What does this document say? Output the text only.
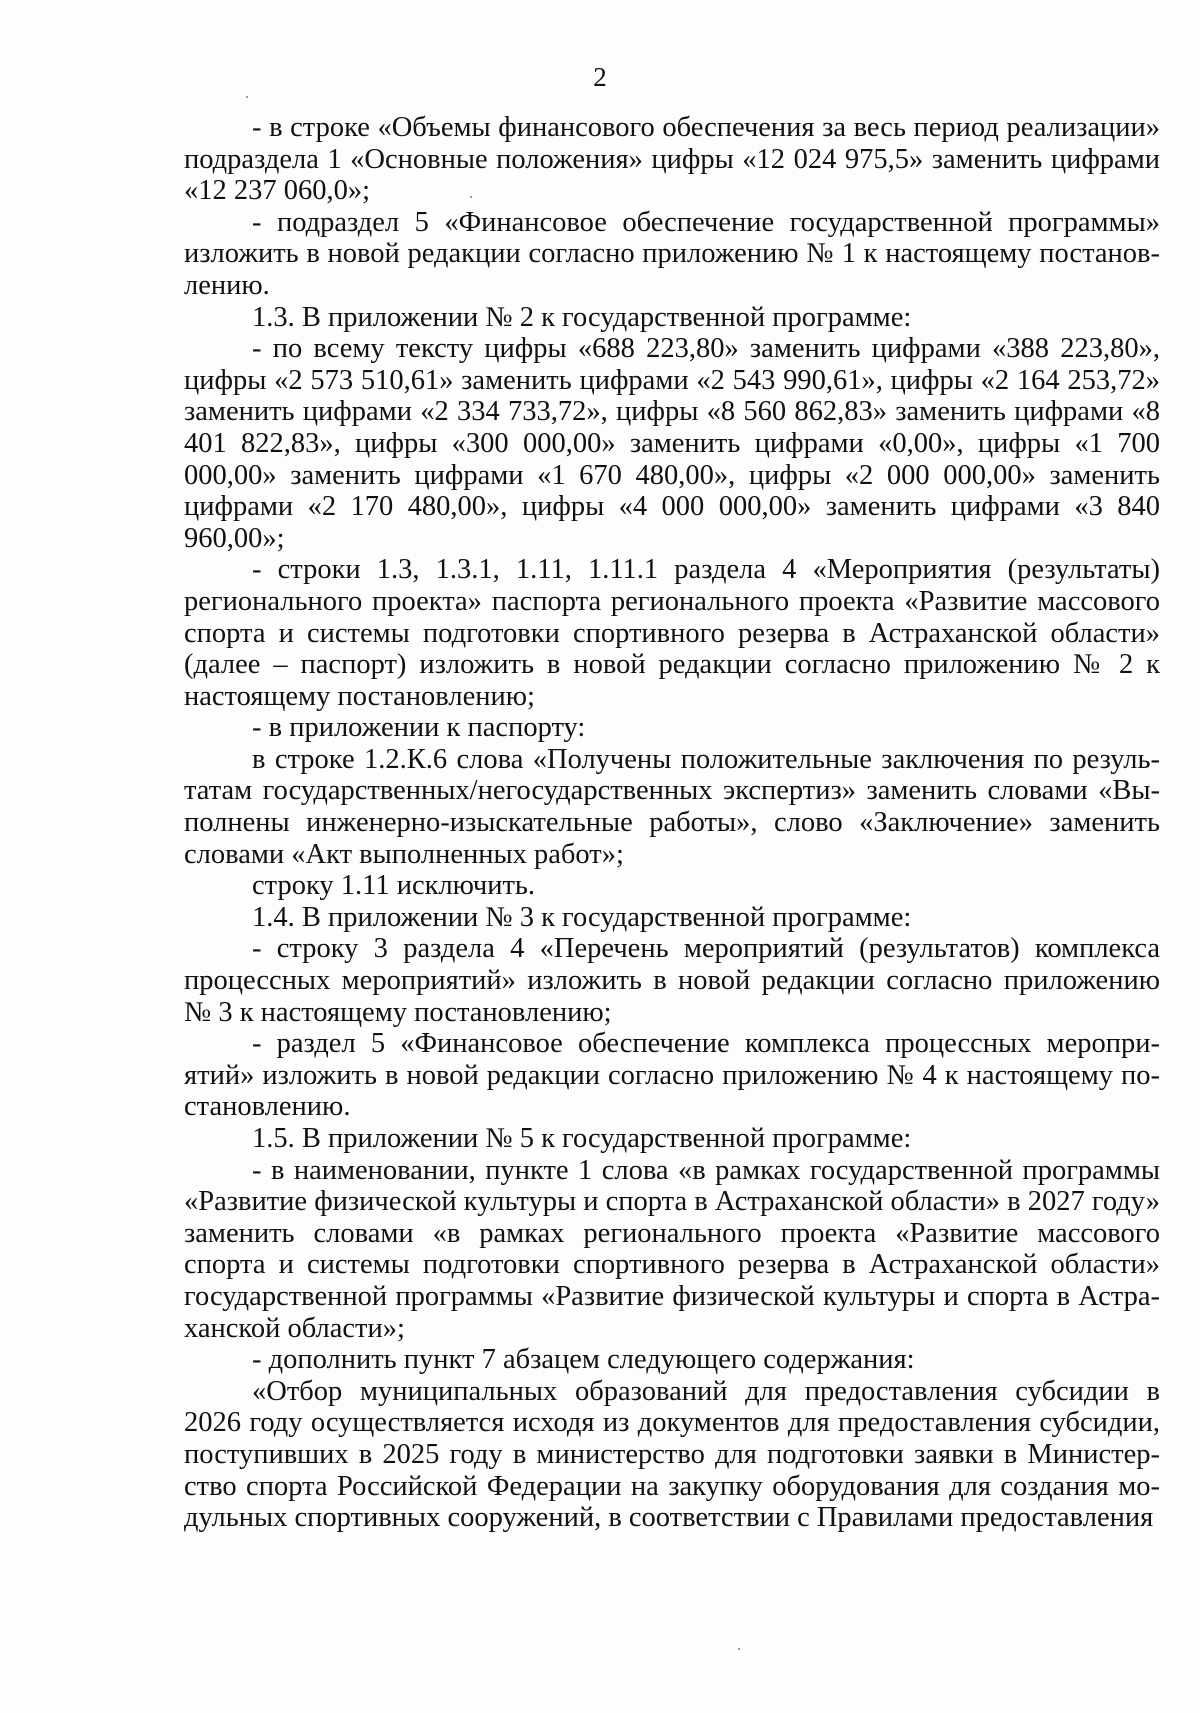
2

- в строке «Объемы финансового обеспечения за весь период реализации» подраздела 1 «Основные положения» цифры «12 024 975,5» заменить цифрами «12 237 060,0»;

- подраздел 5 «Финансовое обеспечение государственной программы» изложить в новой редакции согласно приложению № 1 к настоящему постановлению.

1.3. В приложении № 2 к государственной программе:

- по всему тексту цифры «688 223,80» заменить цифрами «388 223,80», цифры «2 573 510,61» заменить цифрами «2 543 990,61», цифры «2 164 253,72» заменить цифрами «2 334 733,72», цифры «8 560 862,83» заменить цифрами «8 401 822,83», цифры «300 000,00» заменить цифрами «0,00», цифры «1 700 000,00» заменить цифрами «1 670 480,00», цифры «2 000 000,00» заменить цифрами «2 170 480,00», цифры «4 000 000,00» заменить цифрами «3 840 960,00»;

- строки 1.3, 1.3.1, 1.11, 1.11.1 раздела 4 «Мероприятия (результаты) регионального проекта» паспорта регионального проекта «Развитие массового спорта и системы подготовки спортивного резерва в Астраханской области» (далее – паспорт) изложить в новой редакции согласно приложению № 2 к настоящему постановлению;

- в приложении к паспорту:

в строке 1.2.К.6 слова «Получены положительные заключения по результатам государственных/негосударственных экспертиз» заменить словами «Выполнены инженерно-изыскательные работы», слово «Заключение» заменить словами «Акт выполненных работ»;

строку 1.11 исключить.

1.4. В приложении № 3 к государственной программе:

- строку 3 раздела 4 «Перечень мероприятий (результатов) комплекса процессных мероприятий» изложить в новой редакции согласно приложению № 3 к настоящему постановлению;

- раздел 5 «Финансовое обеспечение комплекса процессных мероприятий» изложить в новой редакции согласно приложению № 4 к настоящему постановлению.

1.5. В приложении № 5 к государственной программе:

- в наименовании, пункте 1 слова «в рамках государственной программы «Развитие физической культуры и спорта в Астраханской области» в 2027 году» заменить словами «в рамках регионального проекта «Развитие массового спорта и системы подготовки спортивного резерва в Астраханской области» государственной программы «Развитие физической культуры и спорта в Астраханской области»;

- дополнить пункт 7 абзацем следующего содержания:

«Отбор муниципальных образований для предоставления субсидии в 2026 году осуществляется исходя из документов для предоставления субсидии, поступивших в 2025 году в министерство для подготовки заявки в Министерство спорта Российской Федерации на закупку оборудования для создания модульных спортивных сооружений, в соответствии с Правилами предоставления
